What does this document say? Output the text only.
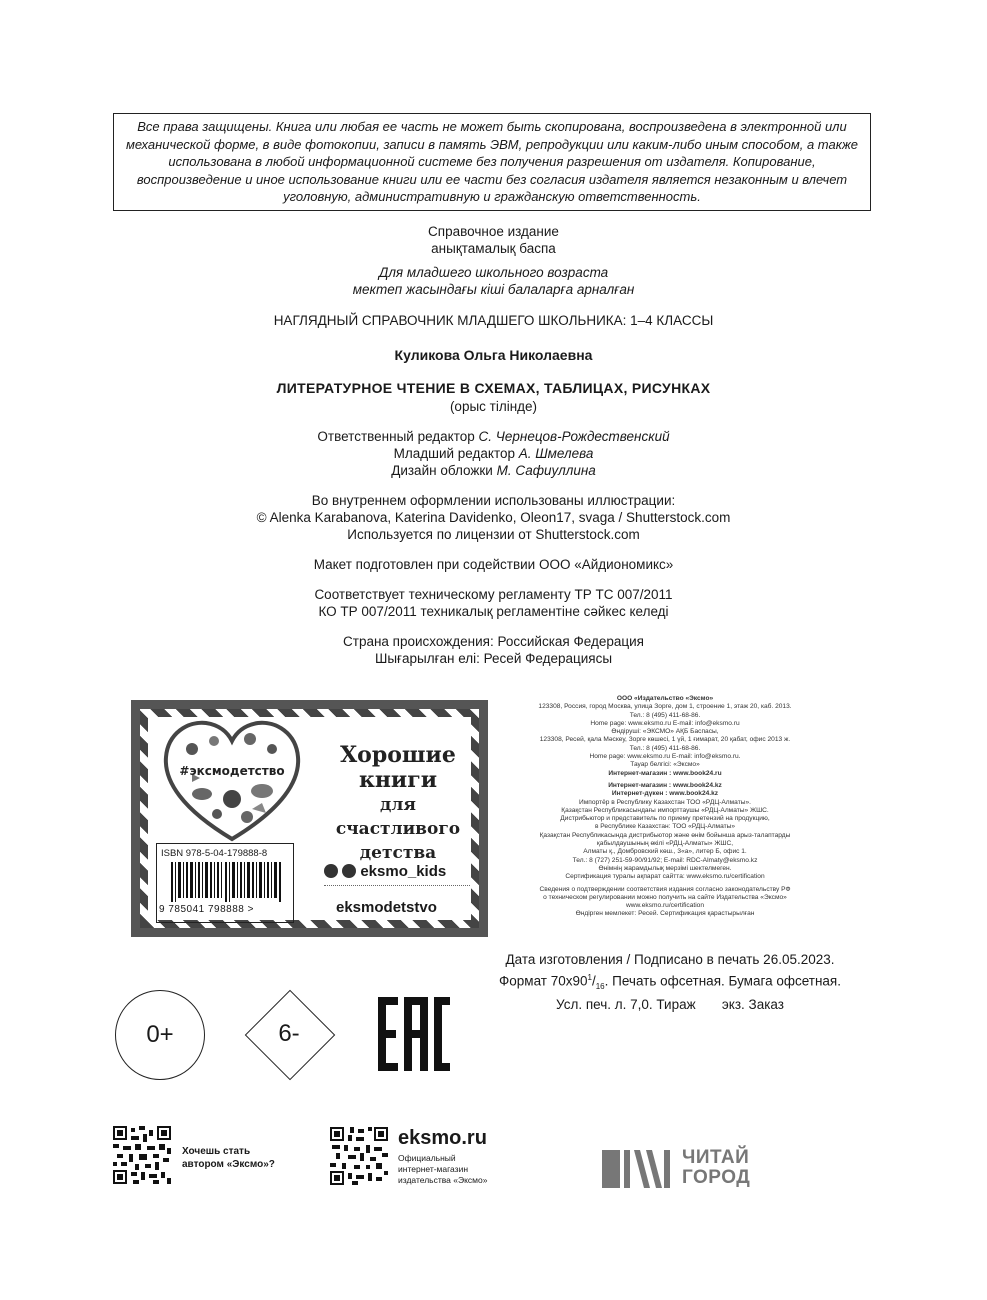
Все права защищены. Книга или любая ее часть не может быть скопирована, воспроизведена в электронной или механической форме, в виде фотокопии, записи в память ЭВМ, репродукции или каким-либо иным способом, а также использована в любой информационной системе без получения разрешения от издателя. Копирование, воспроизведение и иное использование книги или ее части без согласия издателя является незаконным и влечет уголовную, административную и гражданскую ответственность.
Справочное издание
анықтамалық баспа
Для младшего школьного возраста
мектеп жасындағы кіші балаларға арналған
НАГЛЯДНЫЙ СПРАВОЧНИК МЛАДШЕГО ШКОЛЬНИКА: 1–4 КЛАССЫ
Куликова Ольга Николаевна
ЛИТЕРАТУРНОЕ ЧТЕНИЕ В СХЕМАХ, ТАБЛИЦАХ, РИСУНКАХ
(орыс тілінде)
Ответственный редактор С. Чернецов-Рождественский
Младший редактор А. Шмелева
Дизайн обложки М. Сафиуллина
Во внутреннем оформлении использованы иллюстрации:
© Alenka Karabanova, Katerina Davidenko, Oleon17, svaga / Shutterstock.com
Используется по лицензии от Shutterstock.com
Макет подготовлен при содействии ООО «Айдиономикс»
Соответствует техническому регламенту ТР ТС 007/2011
КО ТР 007/2011 техникалық регламентіне сәйкес келеді
Страна происхождения: Российская Федерация
Шығарылған елі: Ресей Федерациясы
#эксмодетство
Хорошие
книги
для счастливого
детства
ISBN 978-5-04-179888-8
9 785041 798888 >
eksmo_kids
eksmodetstvo

ООО «Издательство «Эксмо»

123308, Россия, город Москва, улица Зорге, дом 1, строение 1, этаж 20, каб. 2013.

Тел.: 8 (495) 411-68-86.

Home page: www.eksmo.ru E-mail: info@eksmo.ru

Өндіруші: «ЭКСМО» АҚБ Баспасы,

123308, Ресей, қала Мәскеу, Зорге көшесі, 1 үй, 1 ғимарат, 20 қабат, офис 2013 ж.

Тел.: 8 (495) 411-68-86.

Home page: www.eksmo.ru E-mail: info@eksmo.ru.

Тауар белгісі: «Эксмо»

Интернет-магазин : www.book24.ru

Интернет-магазин : www.book24.kz

Интернет-дүкен : www.book24.kz

Импортёр в Республику Казахстан ТОО «РДЦ-Алматы».

Қазақстан Республикасындағы импорттаушы «РДЦ-Алматы» ЖШС.

Дистрибьютор и представитель по приему претензий на продукцию,

в Республике Казахстан: ТОО «РДЦ-Алматы»

Қазақстан Республикасында дистрибьютор және өнім бойынша арыз-талаптарды

қабылдаушының өкілі «РДЦ-Алматы» ЖШС,

Алматы қ., Домбровский көш., 3«а», литер Б, офис 1.

Тел.: 8 (727) 251-59-90/91/92; E-mail: RDC-Almaty@eksmo.kz

Өнімнің жарамдылық мерзімі шектелмеген.

Сертификация туралы ақпарат сайтта: www.eksmo.ru/certification

Сведения о подтверждении соответствия издания согласно законодательству РФ

о техническом регулировании можно получить на сайте Издательства «Эксмо»

www.eksmo.ru/certification

Өндірген мемлекет: Ресей. Сертификация қарастырылған

Дата изготовления / Подписано в печать 26.05.2023.
Формат $70х90^1/_{16}$. Печать офсетная. Бумага офсетная.
Усл. печ. л. 7,0. Тираж       экз. Заказ
0+	6-
Хочешь стать
автором «Эксмо»?
eksmo.ru
Официальный
интернет-магазин
издательства «Эксмо»
ЧИТАЙ
ГОРОД
